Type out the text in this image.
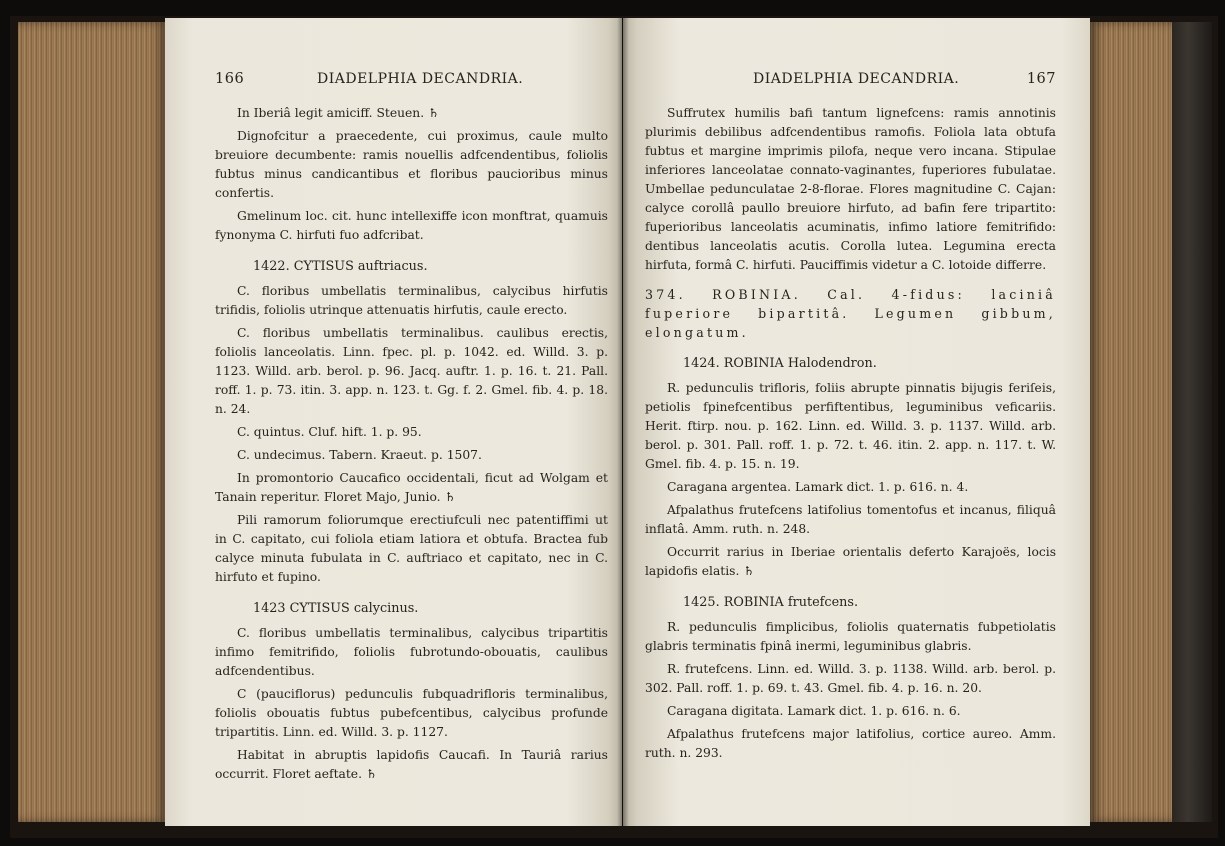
166	DIADELPHIA DECANDRIA.

In Iberiâ legit amiciff. Steuen. ♄

Dignofcitur a praecedente, cui proximus, caule multo breuiore decumbente: ramis nouellis adfcendentibus, foliolis fubtus minus candicantibus et floribus paucioribus minus confertis.

Gmelinum loc. cit. hunc intellexiffe icon monftrat, quamuis fynonyma C. hirfuti fuo adfcribat.

1422. CYTISUS auftriacus.

C. floribus umbellatis terminalibus, calycibus hirfutis trifidis, foliolis utrinque attenuatis hirfutis, caule erecto.

C. floribus umbellatis terminalibus. caulibus erectis, foliolis lanceolatis. Linn. fpec. pl. p. 1042. ed. Willd. 3. p. 1123. Willd. arb. berol. p. 96. Jacq. auftr. 1. p. 16. t. 21. Pall. roff. 1. p. 73. itin. 3. app. n. 123. t. Gg. f. 2. Gmel. fib. 4. p. 18. n. 24.

C. quintus. Cluf. hift. 1. p. 95.

C. undecimus. Tabern. Kraeut. p. 1507.

In promontorio Caucafico occidentali, ficut ad Wolgam et Tanain reperitur. Floret Majo, Junio. ♄

Pili ramorum foliorumque erectiufculi nec patentiffimi ut in C. capitato, cui foliola etiam latiora et obtufa. Bractea fub calyce minuta fubulata in C. auftriaco et capitato, nec in C. hirfuto et fupino.

1423 CYTISUS calycinus.

C. floribus umbellatis terminalibus, calycibus tripartitis infimo femitrifido, foliolis fubrotundo-obouatis, caulibus adfcendentibus.

C (pauciflorus) pedunculis fubquadrifloris terminalibus, foliolis obouatis fubtus pubefcentibus, calycibus profunde tripartitis. Linn. ed. Willd. 3. p. 1127.

Habitat in abruptis lapidofis Caucafi. In Tauriâ rarius occurrit. Floret aeftate. ♄

DIADELPHIA DECANDRIA.	167

Suffrutex humilis bafi tantum lignefcens: ramis annotinis plurimis debilibus adfcendentibus ramofis. Foliola lata obtufa fubtus et margine imprimis pilofa, neque vero incana. Stipulae inferiores lanceolatae connato-vaginantes, fuperiores fubulatae. Umbellae pedunculatae 2-8-florae. Flores magnitudine C. Cajan: calyce corollâ paullo breuiore hirfuto, ad bafin fere tripartito: fuperioribus lanceolatis acuminatis, infimo latiore femitrifido: dentibus lanceolatis acutis. Corolla lutea. Legumina erecta hirfuta, formâ C. hirfuti. Pauciffimis videtur a C. lotoide differre.

374. ROBINIA. Cal. 4-fidus: laciniâ fuperiore bipartitâ. Legumen gibbum, elongatum.

1424. ROBINIA Halodendron.

R. pedunculis trifloris, foliis abrupte pinnatis bijugis feriſeis, petiolis fpinefcentibus perfiftentibus, leguminibus veficariis. Herit. ftirp. nou. p. 162. Linn. ed. Willd. 3. p. 1137. Willd. arb. berol. p. 301. Pall. roff. 1. p. 72. t. 46. itin. 2. app. n. 117. t. W. Gmel. fib. 4. p. 15. n. 19.

Caragana argentea. Lamark dict. 1. p. 616. n. 4.

Afpalathus frutefcens latifolius tomentofus et incanus, filiquâ inflatâ. Amm. ruth. n. 248.

Occurrit rarius in Iberiae orientalis deferto Karajoës, locis lapidofis elatis. ♄

1425. ROBINIA frutefcens.

R. pedunculis fimplicibus, foliolis quaternatis fubpetiolatis glabris terminatis fpinâ inermi, leguminibus glabris.

R. frutefcens. Linn. ed. Willd. 3. p. 1138. Willd. arb. berol. p. 302. Pall. roff. 1. p. 69. t. 43. Gmel. fib. 4. p. 16. n. 20.

Caragana digitata. Lamark dict. 1. p. 616. n. 6.

Afpalathus frutefcens major latifolius, cortice aureo. Amm. ruth. n. 293.
